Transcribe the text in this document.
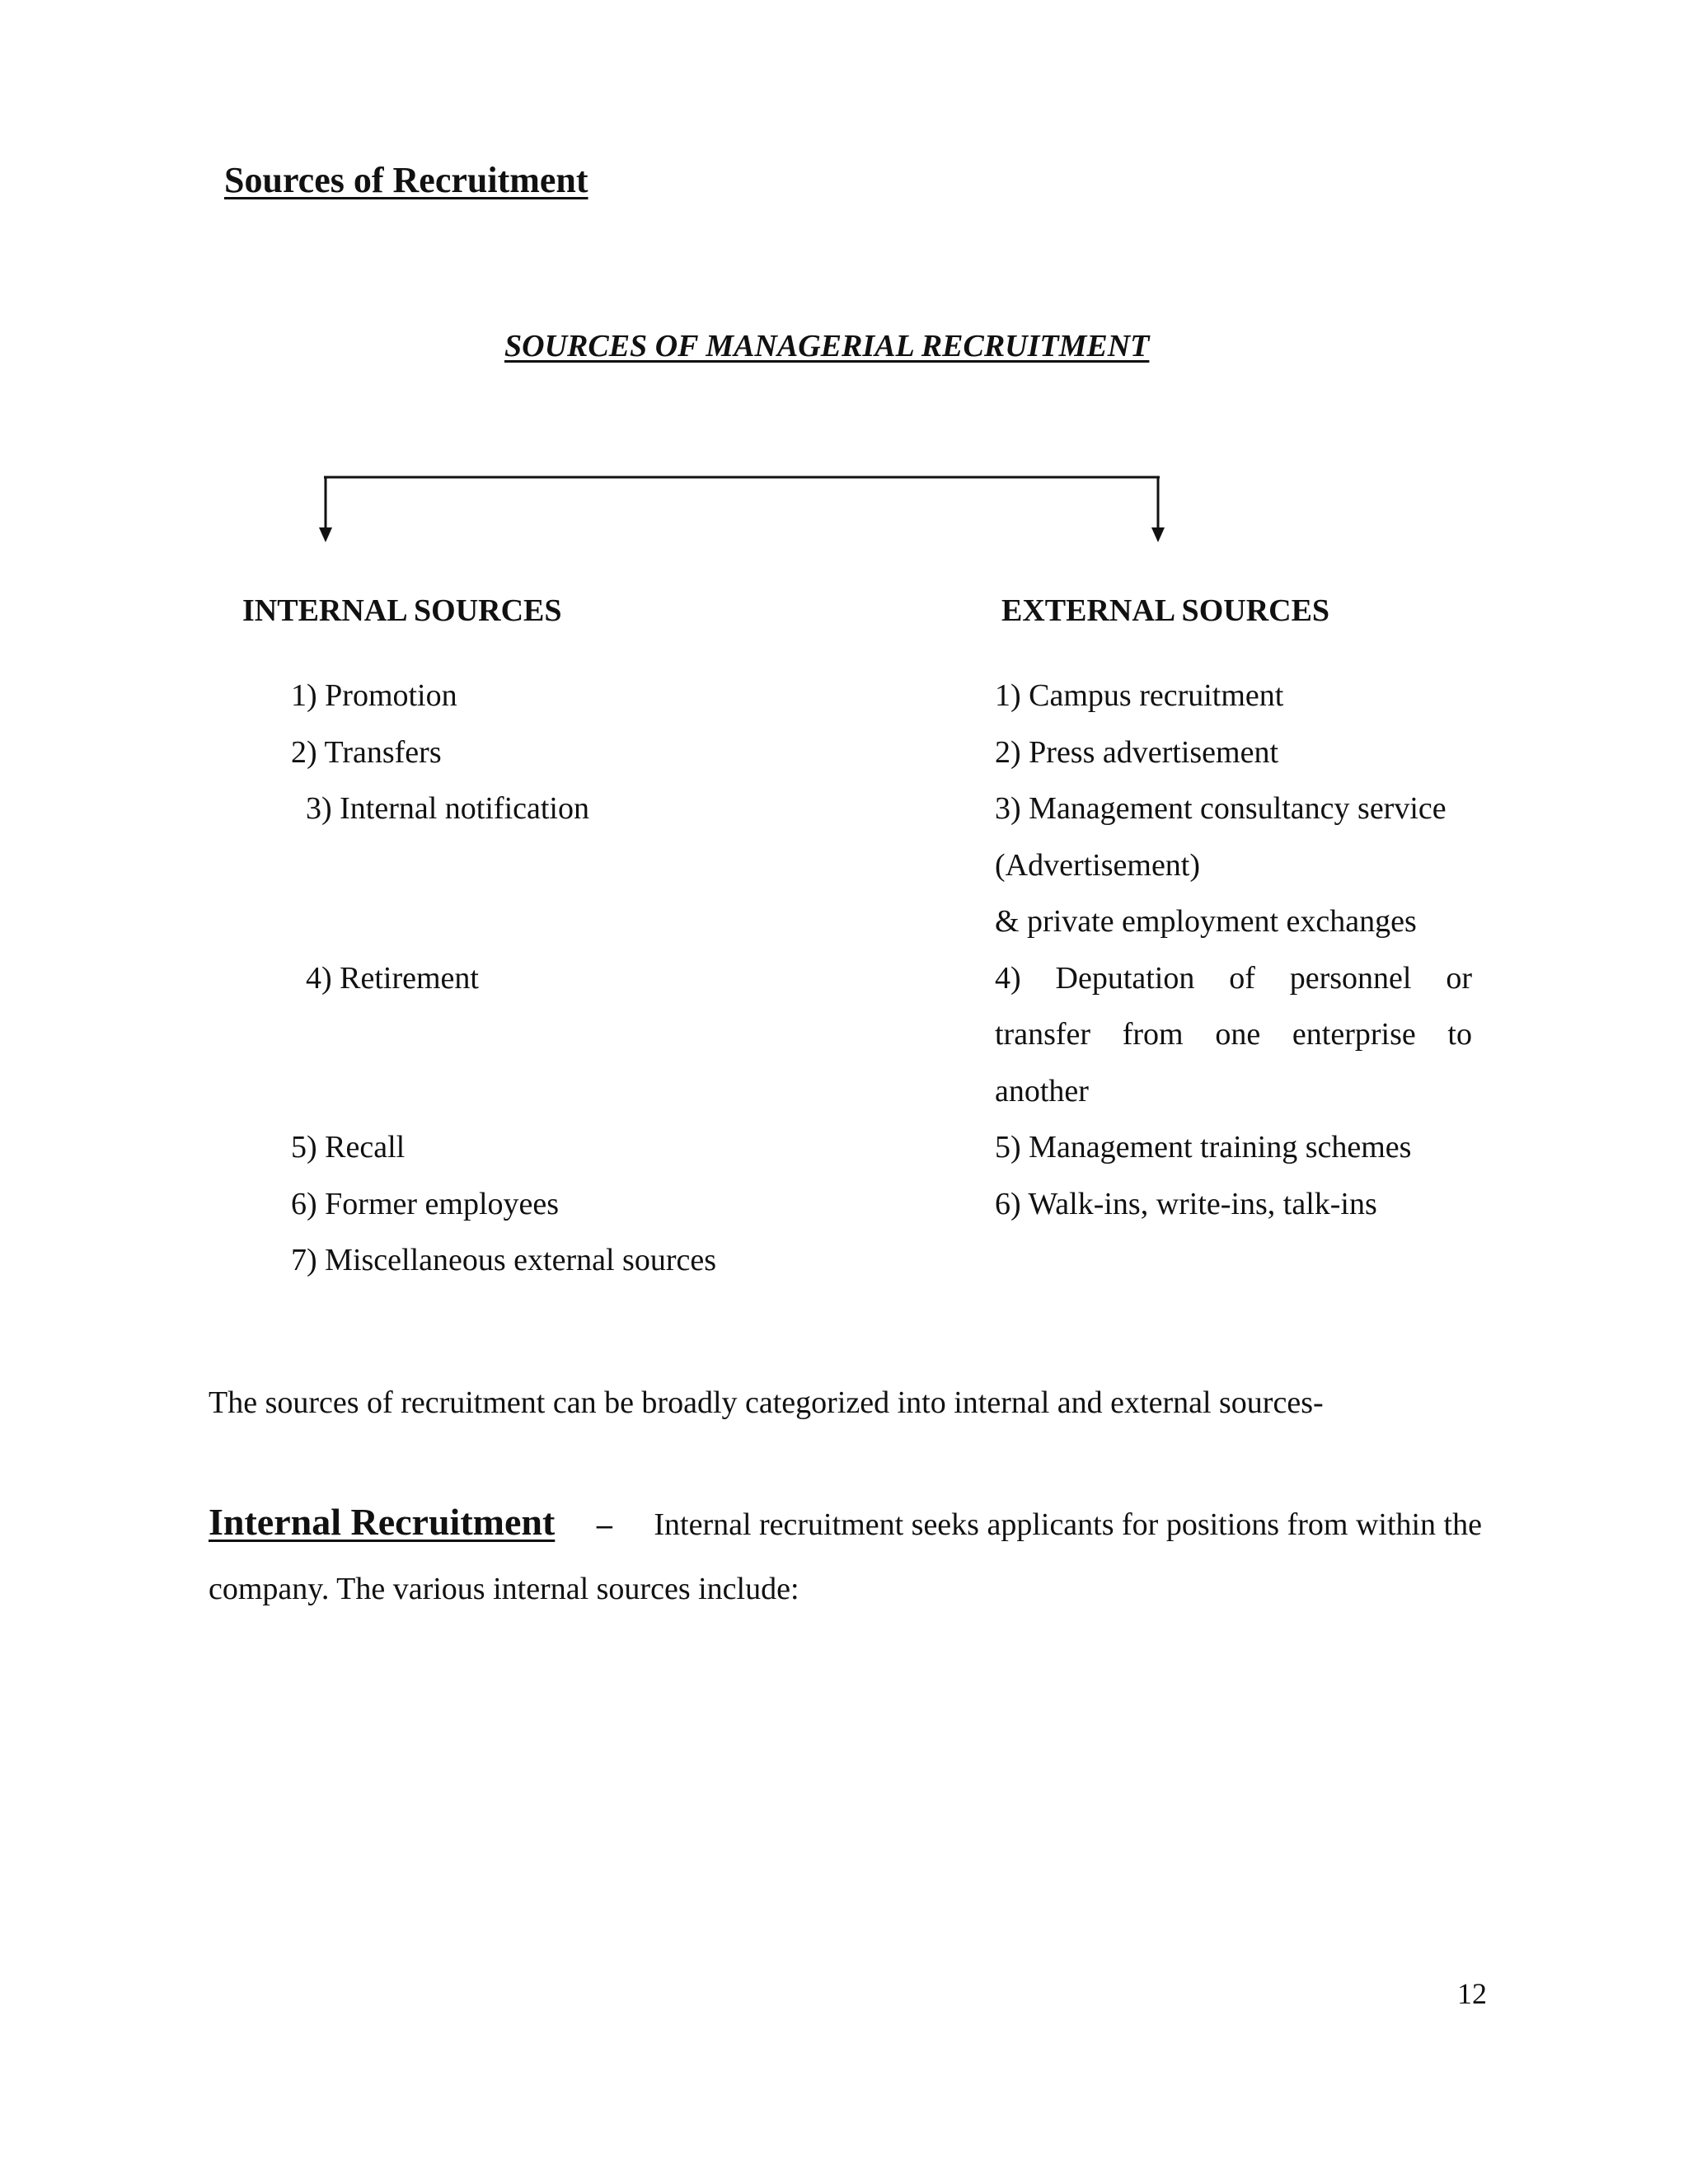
Sources of Recruitment
SOURCES OF MANAGERIAL RECRUITMENT
INTERNAL SOURCES	EXTERNAL SOURCES
1) Promotion
2) Transfers
3) Internal notification
4) Retirement
5) Recall
6) Former employees
7) Miscellaneous external sources
1) Campus recruitment
2) Press advertisement
3) Management consultancy service
(Advertisement)
& private employment exchanges
4) Deputation of personnel or
transfer from one enterprise to
another
5) Management training schemes
6) Walk-ins, write-ins, talk-ins
The sources of recruitment can be broadly categorized into internal and external sources-
Internal Recruitment – Internal recruitment seeks applicants for positions from within the
company. The various internal sources include:
12
